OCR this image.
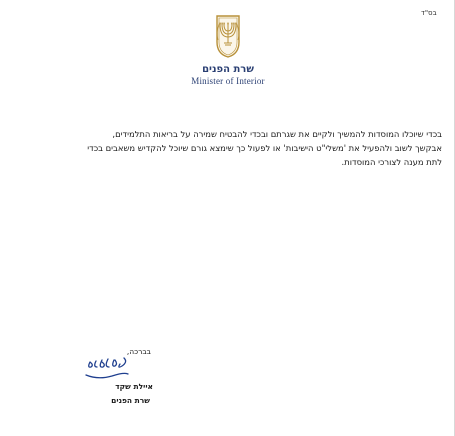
בס"ד
שרת הפנים
Minister of Interior
בכדי שיוכלו המוסדות להמשיך ולקיים את שגרתם ובכדי להבטיח שמירה על בריאות התלמידים,
אבקשך לשוב ולהפעיל את 'משלי"ט הישיבות' או לפעול כך שימצא גורם שיוכל להקדיש משאבים בכדי
לתת מענה לצורכי המוסדות.
בברכה,
איילת שקד
שרת הפנים
